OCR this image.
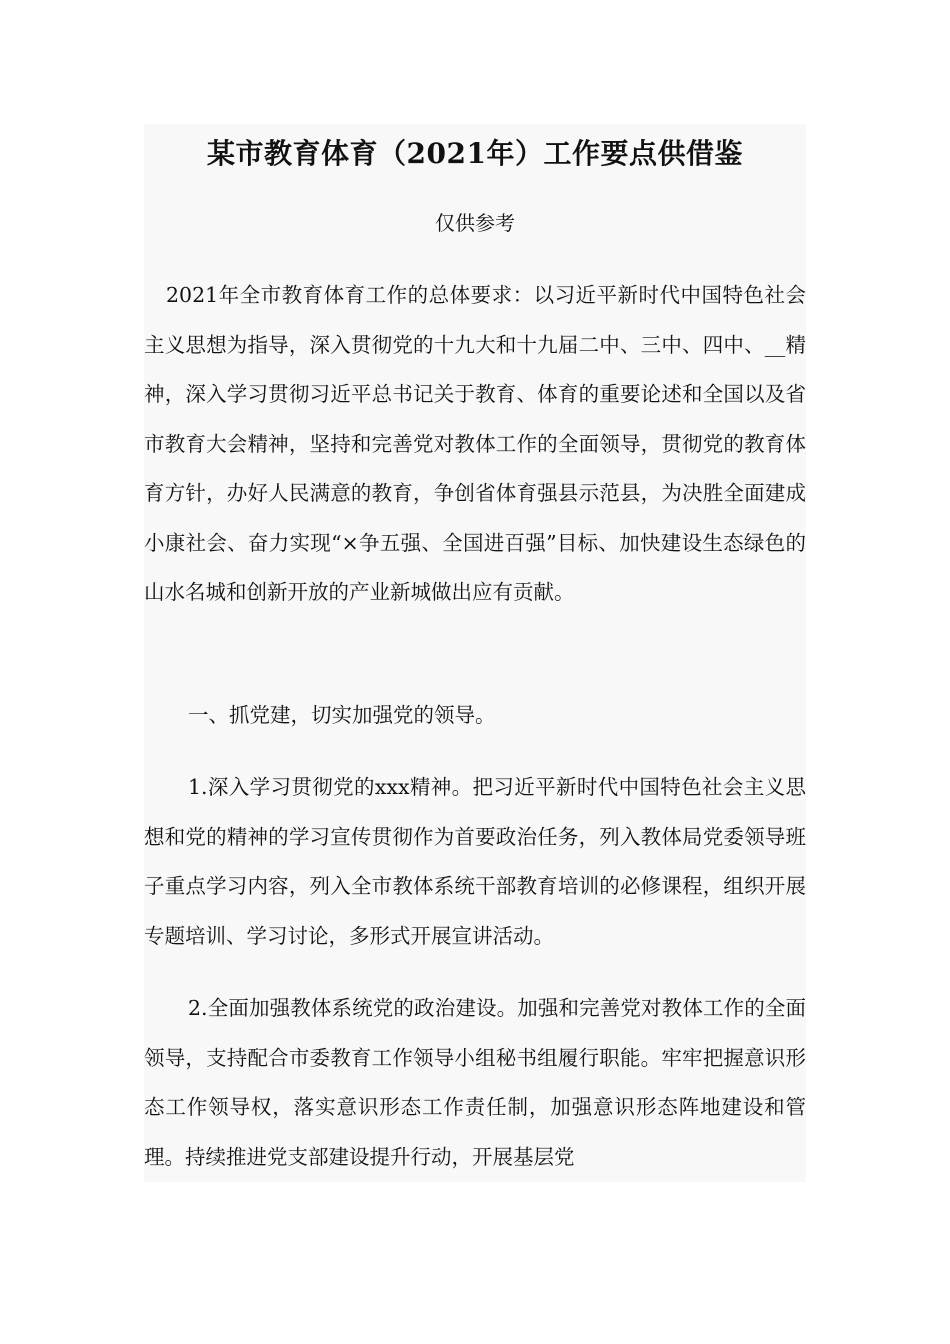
某市教育体育（2021年）工作要点供借鉴
仅供参考

2021年全市教育体育工作的总体要求：以习近平新时代中国特色社会主义思想为指导，深入贯彻党的十九大和十九届二中、三中、四中、__精神，深入学习贯彻习近平总书记关于教育、体育的重要论述和全国以及省市教育大会精神，坚持和完善党对教体工作的全面领导，贯彻党的教育体育方针，办好人民满意的教育，争创省体育强县示范县，为决胜全面建成小康社会、奋力实现“×争五强、全国进百强”目标、加快建设生态绿色的山水名城和创新开放的产业新城做出应有贡献。

一、抓党建，切实加强党的领导。

1.深入学习贯彻党的xxx精神。把习近平新时代中国特色社会主义思想和党的精神的学习宣传贯彻作为首要政治任务，列入教体局党委领导班子重点学习内容，列入全市教体系统干部教育培训的必修课程，组织开展专题培训、学习讨论，多形式开展宣讲活动。

2.全面加强教体系统党的政治建设。加强和完善党对教体工作的全面领导，支持配合市委教育工作领导小组秘书组履行职能。牢牢把握意识形态工作领导权，落实意识形态工作责任制，加强意识形态阵地建设和管理。持续推进党支部建设提升行动，开展基层党
